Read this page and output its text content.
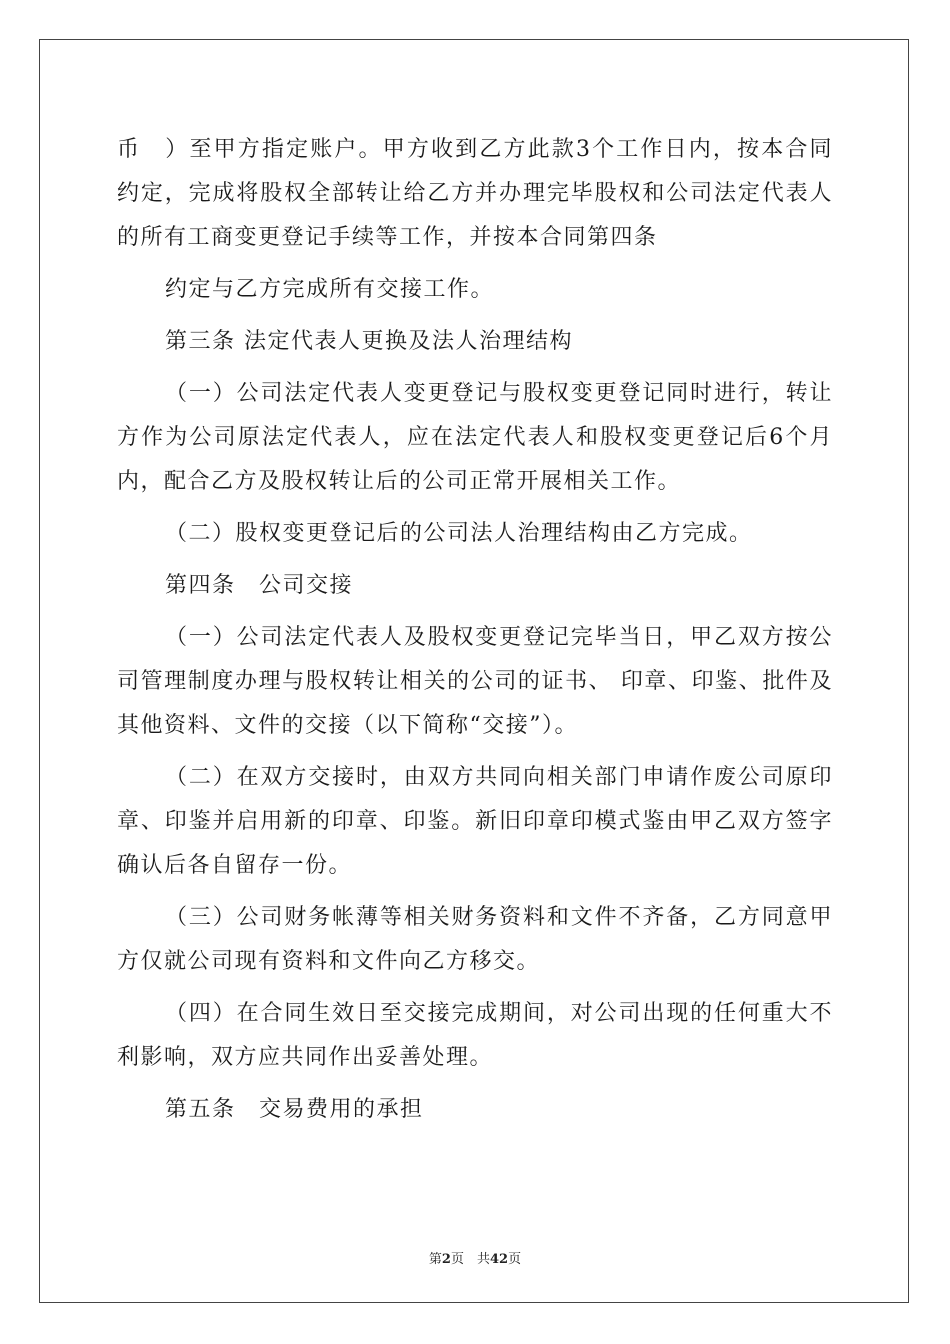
币　）至甲方指定账户。甲方收到乙方此款3个工作日内，按本合同约定，完成将股权全部转让给乙方并办理完毕股权和公司法定代表人的所有工商变更登记手续等工作，并按本合同第四条

约定与乙方完成所有交接工作。

第三条 法定代表人更换及法人治理结构

（一）公司法定代表人变更登记与股权变更登记同时进行，转让方作为公司原法定代表人，应在法定代表人和股权变更登记后6个月内，配合乙方及股权转让后的公司正常开展相关工作。

（二）股权变更登记后的公司法人治理结构由乙方完成。

第四条　公司交接

（一）公司法定代表人及股权变更登记完毕当日，甲乙双方按公司管理制度办理与股权转让相关的公司的证书、 印章、印鉴、批件及其他资料、文件的交接（以下简称“交接”）。

（二）在双方交接时，由双方共同向相关部门申请作废公司原印章、印鉴并启用新的印章、印鉴。新旧印章印模式鉴由甲乙双方签字确认后各自留存一份。

（三）公司财务帐薄等相关财务资料和文件不齐备，乙方同意甲方仅就公司现有资料和文件向乙方移交。

（四）在合同生效日至交接完成期间，对公司出现的任何重大不利影响，双方应共同作出妥善处理。

第五条　交易费用的承担

第2页　共42页
